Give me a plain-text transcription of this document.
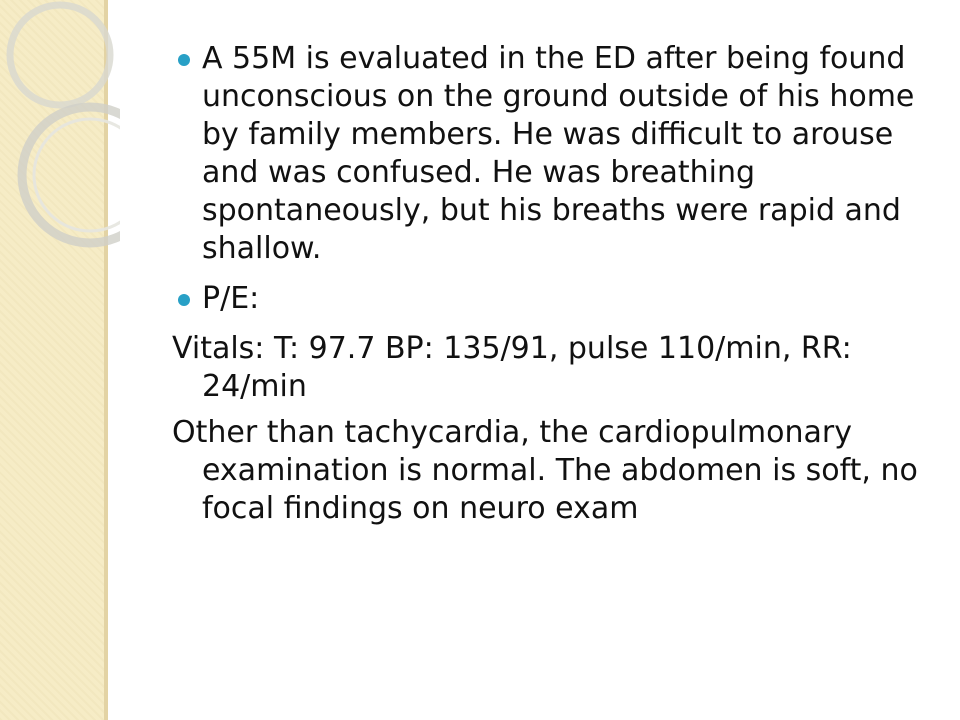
A 55M is evaluated in the ED after being found unconscious on the ground outside of his home by family members. He was difficult to arouse and was confused. He was breathing spontaneously, but his breaths were rapid and shallow.
P/E:
Vitals: T: 97.7 BP: 135/91, pulse 110/min, RR: 24/min
Other than tachycardia, the cardiopulmonary examination is normal. The abdomen is soft, no focal findings on neuro exam
